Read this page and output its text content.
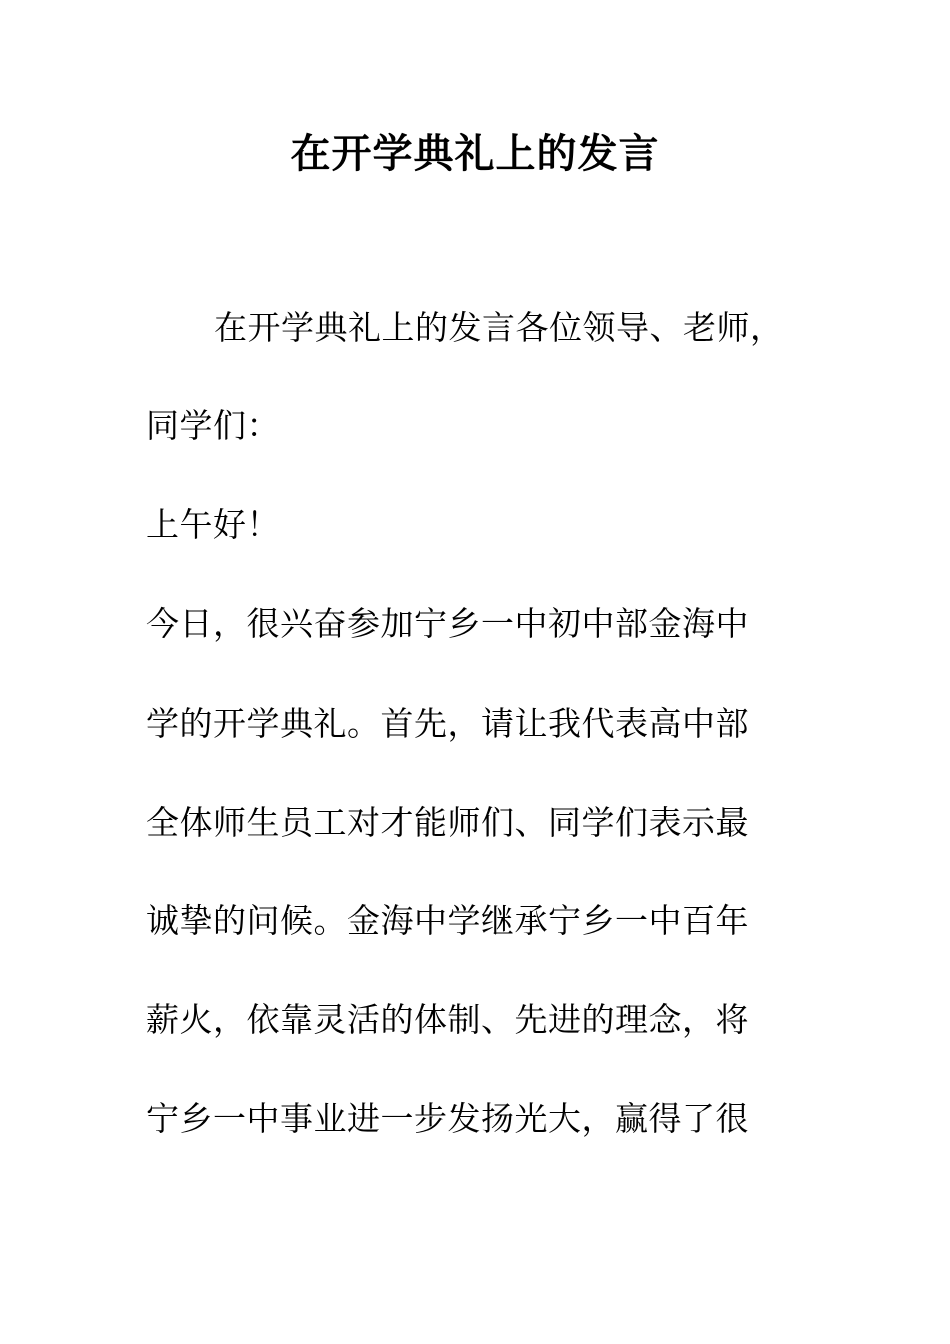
在开学典礼上的发言
在开学典礼上的发言各位领导、老师，
同学们：
上午好！
今日，很兴奋参加宁乡一中初中部金海中
学的开学典礼。首先，请让我代表高中部
全体师生员工对才能师们、同学们表示最
诚挚的问候。金海中学继承宁乡一中百年
薪火，依靠灵活的体制、先进的理念，将
宁乡一中事业进一步发扬光大，赢得了很
